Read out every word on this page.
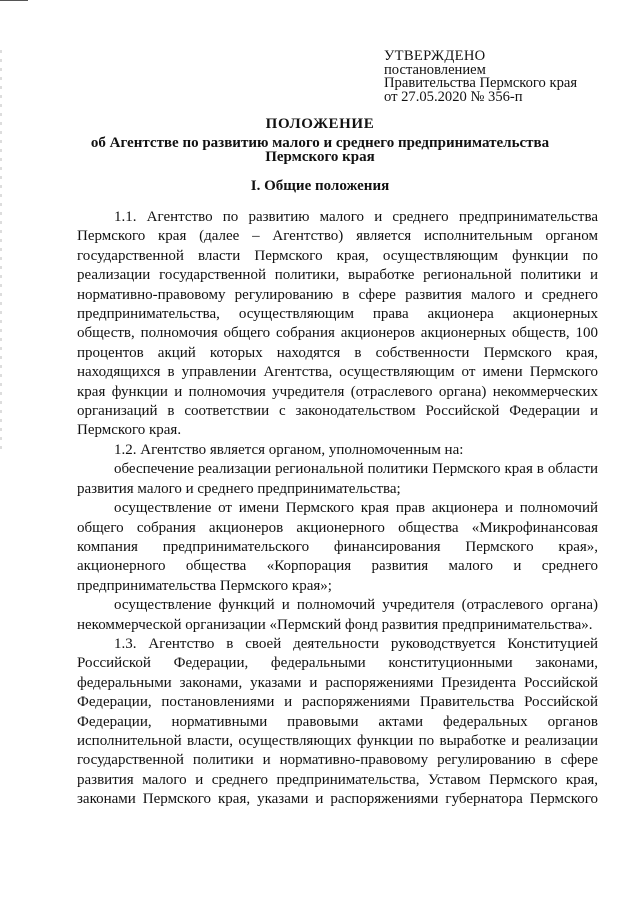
УТВЕРЖДЕНО
постановлением
Правительства Пермского края
от 27.05.2020 № 356-п
ПОЛОЖЕНИЕ
об Агентстве по развитию малого и среднего предпринимательства Пермского края
I. Общие положения

1.1. Агентство по развитию малого и среднего предпринимательства Пермского края (далее – Агентство) является исполнительным органом государственной власти Пермского края, осуществляющим функции по реализации государственной политики, выработке региональной политики и нормативно-правовому регулированию в сфере развития малого и среднего предпринимательства, осуществляющим права акционера акционерных обществ, полномочия общего собрания акционеров акционерных обществ, 100 процентов акций которых находятся в собственности Пермского края, находящихся в управлении Агентства, осуществляющим от имени Пермского края функции и полномочия учредителя (отраслевого органа) некоммерческих организаций в соответствии с законодательством Российской Федерации и Пермского края.

1.2. Агентство является органом, уполномоченным на:

обеспечение реализации региональной политики Пермского края в области развития малого и среднего предпринимательства;

осуществление от имени Пермского края прав акционера и полномочий общего собрания акционеров акционерного общества «Микрофинансовая компания предпринимательского финансирования Пермского края», акционерного общества «Корпорация развития малого и среднего предпринимательства Пермского края»;

осуществление функций и полномочий учредителя (отраслевого органа) некоммерческой организации «Пермский фонд развития предпринимательства».

1.3. Агентство в своей деятельности руководствуется Конституцией Российской Федерации, федеральными конституционными законами, федеральными законами, указами и распоряжениями Президента Российской Федерации, постановлениями и распоряжениями Правительства Российской Федерации, нормативными правовыми актами федеральных органов исполнительной власти, осуществляющих функции по выработке и реализации государственной политики и нормативно-правовому регулированию в сфере развития малого и среднего предпринимательства, Уставом Пермского края, законами Пермского края, указами и распоряжениями губернатора Пермского
